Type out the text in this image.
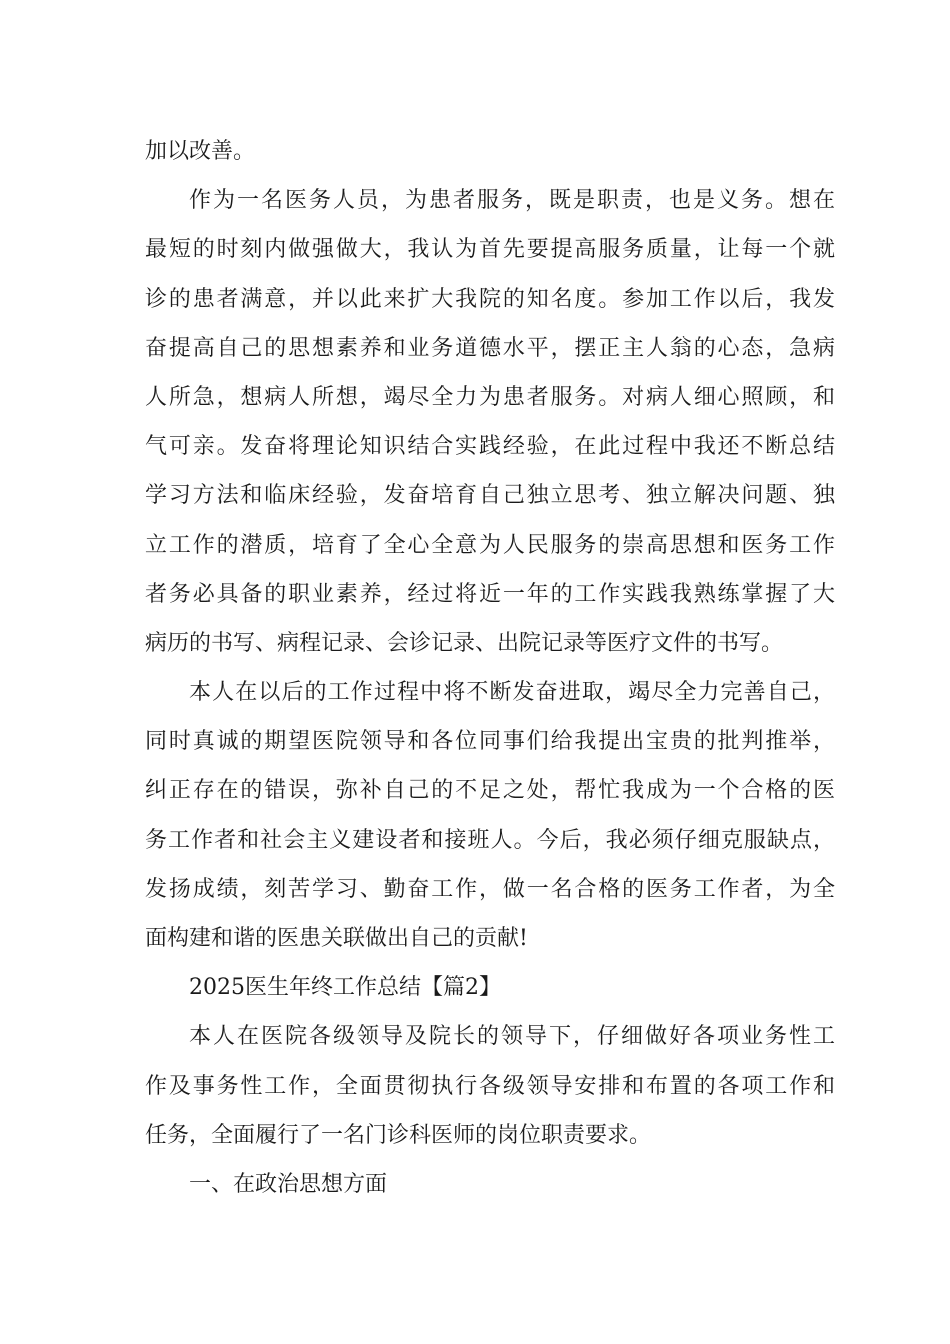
加以改善。
作为一名医务人员，为患者服务，既是职责，也是义务。想在
最短的时刻内做强做大，我认为首先要提高服务质量，让每一个就
诊的患者满意，并以此来扩大我院的知名度。参加工作以后，我发
奋提高自己的思想素养和业务道德水平，摆正主人翁的心态，急病
人所急，想病人所想，竭尽全力为患者服务。对病人细心照顾，和
气可亲。发奋将理论知识结合实践经验，在此过程中我还不断总结
学习方法和临床经验，发奋培育自己独立思考、独立解决问题、独
立工作的潜质，培育了全心全意为人民服务的崇高思想和医务工作
者务必具备的职业素养，经过将近一年的工作实践我熟练掌握了大
病历的书写、病程记录、会诊记录、出院记录等医疗文件的书写。
本人在以后的工作过程中将不断发奋进取，竭尽全力完善自己，
同时真诚的期望医院领导和各位同事们给我提出宝贵的批判推举，
纠正存在的错误，弥补自己的不足之处，帮忙我成为一个合格的医
务工作者和社会主义建设者和接班人。今后，我必须仔细克服缺点，
发扬成绩，刻苦学习、勤奋工作，做一名合格的医务工作者，为全
面构建和谐的医患关联做出自己的贡献!
2025医生年终工作总结【篇2】
本人在医院各级领导及院长的领导下，仔细做好各项业务性工
作及事务性工作，全面贯彻执行各级领导安排和布置的各项工作和
任务，全面履行了一名门诊科医师的岗位职责要求。
一、在政治思想方面
